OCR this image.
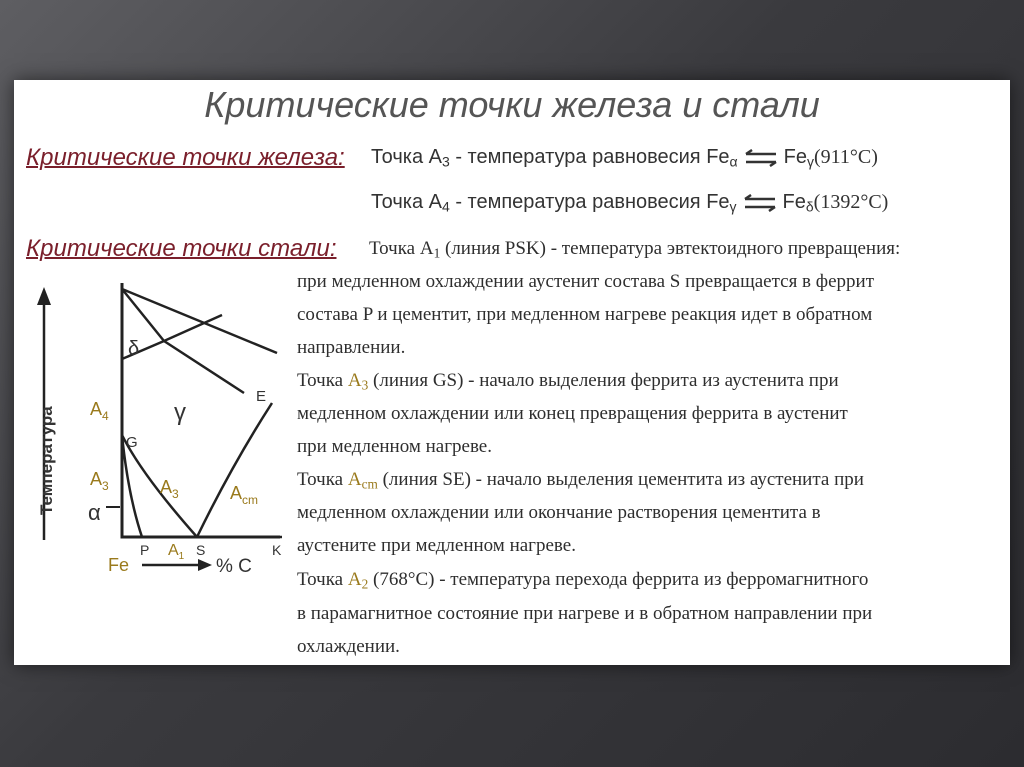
Критические точки железа и стали
Критические точки железа: Точка $А_3$ - температура равновесия $Fe_\alpha$ ⇌ $Fe_\gamma(911^\circ C)$
Точка $А_4$ - температура равновесия $Fe_\gamma$ ⇌ $Fe_\delta(1392^\circ C)$
Критические точки стали: Точка $А_1$ (линия PSK) - температура эвтектоидного превращения:
при медленном охлаждении аустенит состава S превращается в феррит
состава P и цементит, при медленном нагреве реакция идет в обратном
направлении.
Точка $А_3$ (линия GS) - начало выделения феррита из аустенита при
медленном охлаждении или конец превращения феррита в аустенит
при медленном нагреве.
Точка $А_{cm}$ (линия SE) - начало выделения цементита из аустенита при
медленном охлаждении или окончание растворения цементита в
аустените при медленном нагреве.
Точка $А_2$ (768°C) - температура перехода феррита из ферромагнитного
в парамагнитное состояние при нагреве и в обратном направлении при
охлаждении.
Температура
% C
Fe
$A_4$
$A_3$
α
δ
γ
G
E
P	S	K
$A_3$	$A_{cm}$
$A_1$
